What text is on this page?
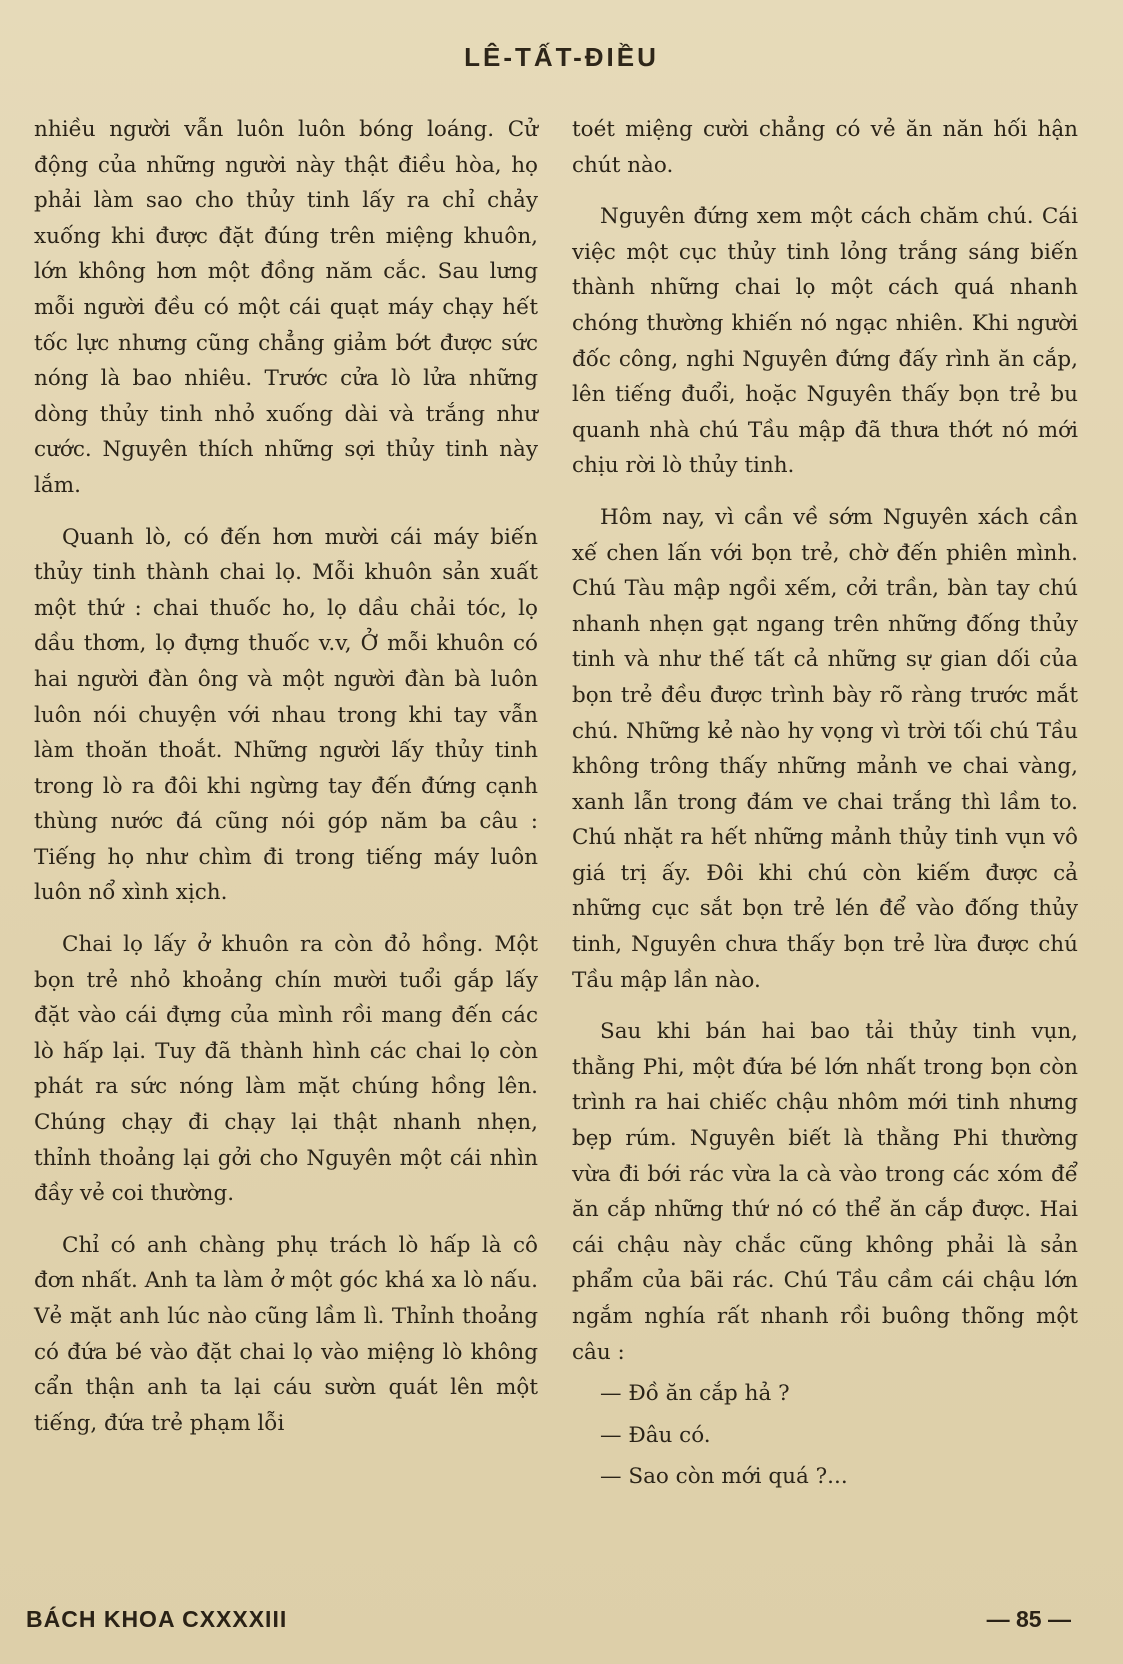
LÊ-TẤT-ĐIỀU

nhiều người vẫn luôn luôn bóng loáng. Cử động của những người này thật điều hòa, họ phải làm sao cho thủy tinh lấy ra chỉ chảy xuống khi được đặt đúng trên miệng khuôn, lớn không hơn một đồng năm cắc. Sau lưng mỗi người đều có một cái quạt máy chạy hết tốc lực nhưng cũng chẳng giảm bớt được sức nóng là bao nhiêu. Trước cửa lò lửa những dòng thủy tinh nhỏ xuống dài và trắng như cước. Nguyên thích những sợi thủy tinh này lắm.

Quanh lò, có đến hơn mười cái máy biến thủy tinh thành chai lọ. Mỗi khuôn sản xuất một thứ : chai thuốc ho, lọ dầu chải tóc, lọ dầu thơm, lọ đựng thuốc v.v, Ở mỗi khuôn có hai người đàn ông và một người đàn bà luôn luôn nói chuyện với nhau trong khi tay vẫn làm thoăn thoắt. Những người lấy thủy tinh trong lò ra đôi khi ngừng tay đến đứng cạnh thùng nước đá cũng nói góp năm ba câu : Tiếng họ như chìm đi trong tiếng máy luôn luôn nổ xình xịch.

Chai lọ lấy ở khuôn ra còn đỏ hồng. Một bọn trẻ nhỏ khoảng chín mười tuổi gắp lấy đặt vào cái đựng của mình rồi mang đến các lò hấp lại. Tuy đã thành hình các chai lọ còn phát ra sức nóng làm mặt chúng hồng lên. Chúng chạy đi chạy lại thật nhanh nhẹn, thỉnh thoảng lại gởi cho Nguyên một cái nhìn đầy vẻ coi thường.

Chỉ có anh chàng phụ trách lò hấp là cô đơn nhất. Anh ta làm ở một góc khá xa lò nấu. Vẻ mặt anh lúc nào cũng lầm lì. Thỉnh thoảng có đứa bé vào đặt chai lọ vào miệng lò không cẩn thận anh ta lại cáu sườn quát lên một tiếng, đứa trẻ phạm lỗi

toét miệng cười chẳng có vẻ ăn năn hối hận chút nào.

Nguyên đứng xem một cách chăm chú. Cái việc một cục thủy tinh lỏng trắng sáng biến thành những chai lọ một cách quá nhanh chóng thường khiến nó ngạc nhiên. Khi người đốc công, nghi Nguyên đứng đấy rình ăn cắp, lên tiếng đuổi, hoặc Nguyên thấy bọn trẻ bu quanh nhà chú Tầu mập đã thưa thớt nó mới chịu rời lò thủy tinh.

Hôm nay, vì cần về sớm Nguyên xách cần xế chen lấn với bọn trẻ, chờ đến phiên mình. Chú Tàu mập ngồi xếm, cởi trần, bàn tay chú nhanh nhẹn gạt ngang trên những đống thủy tinh và như thế tất cả những sự gian dối của bọn trẻ đều được trình bày rõ ràng trước mắt chú. Những kẻ nào hy vọng vì trời tối chú Tầu không trông thấy những mảnh ve chai vàng, xanh lẫn trong đám ve chai trắng thì lầm to. Chú nhặt ra hết những mảnh thủy tinh vụn vô giá trị ấy. Đôi khi chú còn kiếm được cả những cục sắt bọn trẻ lén để vào đống thủy tinh, Nguyên chưa thấy bọn trẻ lừa được chú Tầu mập lần nào.

Sau khi bán hai bao tải thủy tinh vụn, thằng Phi, một đứa bé lớn nhất trong bọn còn trình ra hai chiếc chậu nhôm mới tinh nhưng bẹp rúm. Nguyên biết là thằng Phi thường vừa đi bới rác vừa la cà vào trong các xóm để ăn cắp những thứ nó có thể ăn cắp được. Hai cái chậu này chắc cũng không phải là sản phẩm của bãi rác. Chú Tầu cầm cái chậu lớn ngắm nghía rất nhanh rồi buông thõng một câu :

— Đồ ăn cắp hả ?

— Đâu có.

— Sao còn mới quá ?...

BÁCH KHOA CXXXXIII	— 85 —
